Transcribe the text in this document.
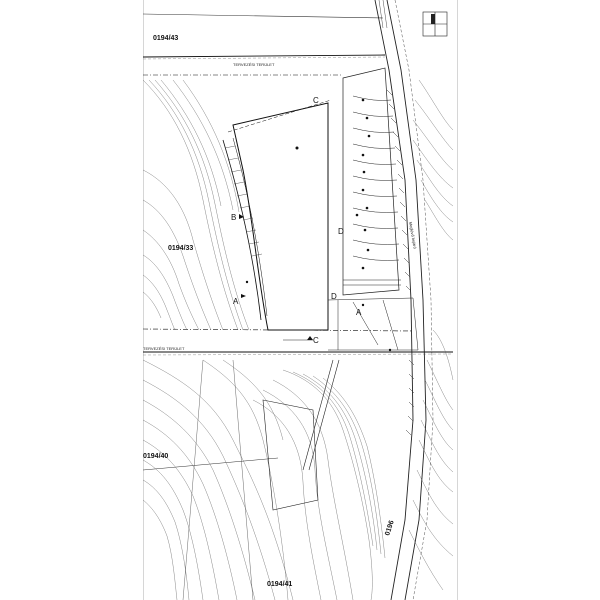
A
A
B
C
C
D
D
0194/43
0194/33
0194/40
0194/41
0196
TERVEZÉSI TERÜLET
TERVEZÉSI TERÜLET
Meglévő bejáró
